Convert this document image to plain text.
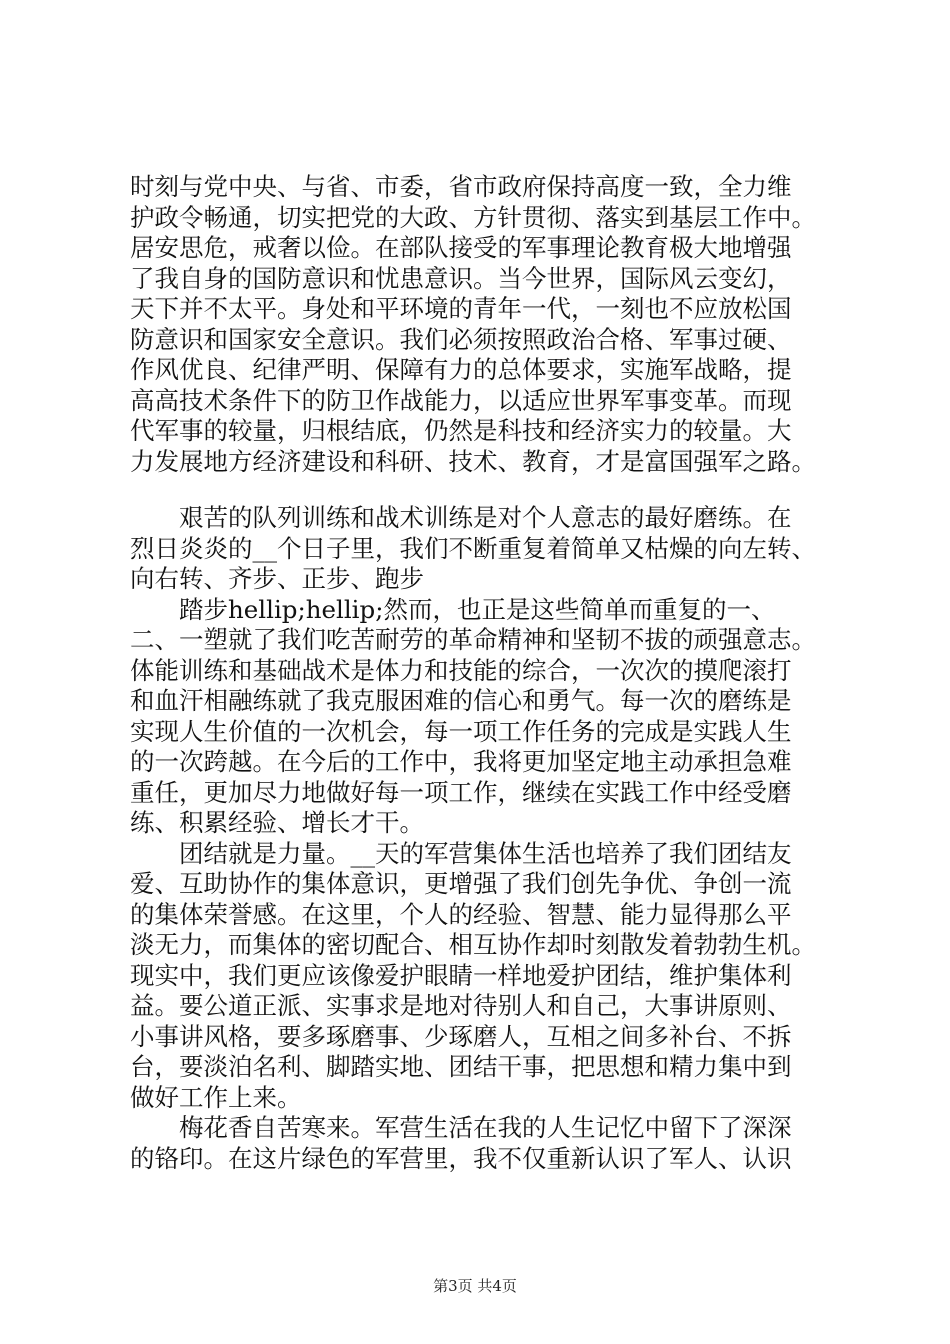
时刻与党中央、与省、市委，省市政府保持高度一致，全力维
护政令畅通，切实把党的大政、方针贯彻、落实到基层工作中。
居安思危，戒奢以俭。在部队接受的军事理论教育极大地增强
了我自身的国防意识和忧患意识。当今世界，国际风云变幻，
天下并不太平。身处和平环境的青年一代，一刻也不应放松国
防意识和国家安全意识。我们必须按照政治合格、军事过硬、
作风优良、纪律严明、保障有力的总体要求，实施军战略，提
高高技术条件下的防卫作战能力，以适应世界军事变革。而现
代军事的较量，归根结底，仍然是科技和经济实力的较量。大
力发展地方经济建设和科研、技术、教育，才是富国强军之路。
　　艰苦的队列训练和战术训练是对个人意志的最好磨练。在
烈日炎炎的__个日子里，我们不断重复着简单又枯燥的向左转、
向右转、齐步、正步、跑步
　　踏步hellip;hellip;然而，也正是这些简单而重复的一、
二、一塑就了我们吃苦耐劳的革命精神和坚韧不拔的顽强意志。
体能训练和基础战术是体力和技能的综合，一次次的摸爬滚打
和血汗相融练就了我克服困难的信心和勇气。每一次的磨练是
实现人生价值的一次机会，每一项工作任务的完成是实践人生
的一次跨越。在今后的工作中，我将更加坚定地主动承担急难
重任，更加尽力地做好每一项工作，继续在实践工作中经受磨
练、积累经验、增长才干。
　　团结就是力量。__天的军营集体生活也培养了我们团结友
爱、互助协作的集体意识，更增强了我们创先争优、争创一流
的集体荣誉感。在这里，个人的经验、智慧、能力显得那么平
淡无力，而集体的密切配合、相互协作却时刻散发着勃勃生机。
现实中，我们更应该像爱护眼睛一样地爱护团结，维护集体利
益。要公道正派、实事求是地对待别人和自己，大事讲原则、
小事讲风格，要多琢磨事、少琢磨人，互相之间多补台、不拆
台，要淡泊名利、脚踏实地、团结干事，把思想和精力集中到
做好工作上来。
　　梅花香自苦寒来。军营生活在我的人生记忆中留下了深深
的铬印。在这片绿色的军营里，我不仅重新认识了军人、认识
第3页 共4页
